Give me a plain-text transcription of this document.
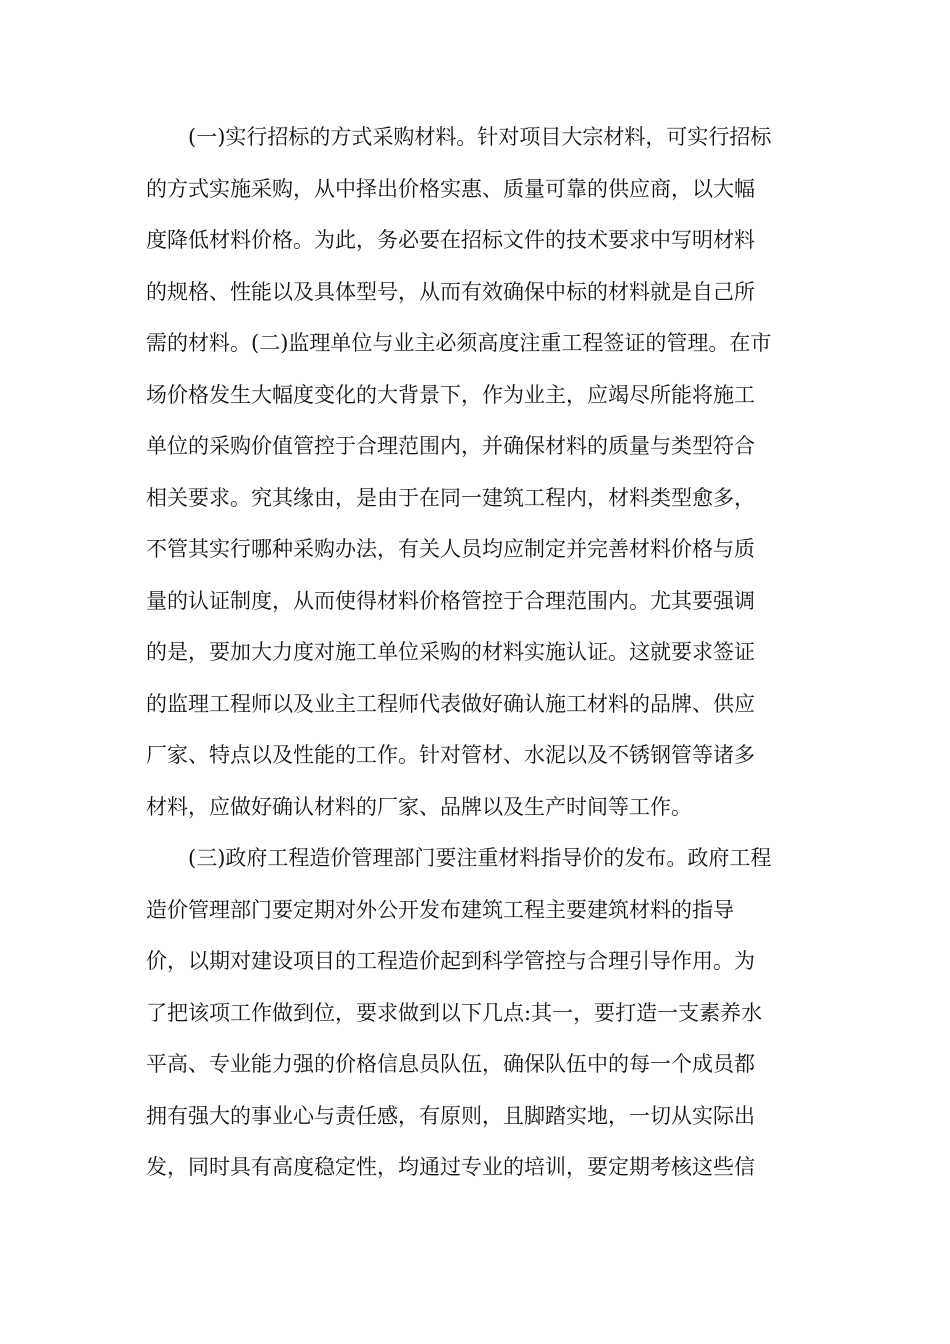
(一)实行招标的方式采购材料。针对项目大宗材料，可实行招标
的方式实施采购，从中择出价格实惠、质量可靠的供应商，以大幅
度降低材料价格。为此，务必要在招标文件的技术要求中写明材料
的规格、性能以及具体型号，从而有效确保中标的材料就是自己所
需的材料。(二)监理单位与业主必须高度注重工程签证的管理。在市
场价格发生大幅度变化的大背景下，作为业主，应竭尽所能将施工
单位的采购价值管控于合理范围内，并确保材料的质量与类型符合
相关要求。究其缘由，是由于在同一建筑工程内，材料类型愈多，
不管其实行哪种采购办法，有关人员均应制定并完善材料价格与质
量的认证制度，从而使得材料价格管控于合理范围内。尤其要强调
的是，要加大力度对施工单位采购的材料实施认证。这就要求签证
的监理工程师以及业主工程师代表做好确认施工材料的品牌、供应
厂家、特点以及性能的工作。针对管材、水泥以及不锈钢管等诸多
材料，应做好确认材料的厂家、品牌以及生产时间等工作。
(三)政府工程造价管理部门要注重材料指导价的发布。政府工程
造价管理部门要定期对外公开发布建筑工程主要建筑材料的指导
价，以期对建设项目的工程造价起到科学管控与合理引导作用。为
了把该项工作做到位，要求做到以下几点:其一，要打造一支素养水
平高、专业能力强的价格信息员队伍，确保队伍中的每一个成员都
拥有强大的事业心与责任感，有原则，且脚踏实地，一切从实际出
发，同时具有高度稳定性，均通过专业的培训，要定期考核这些信
